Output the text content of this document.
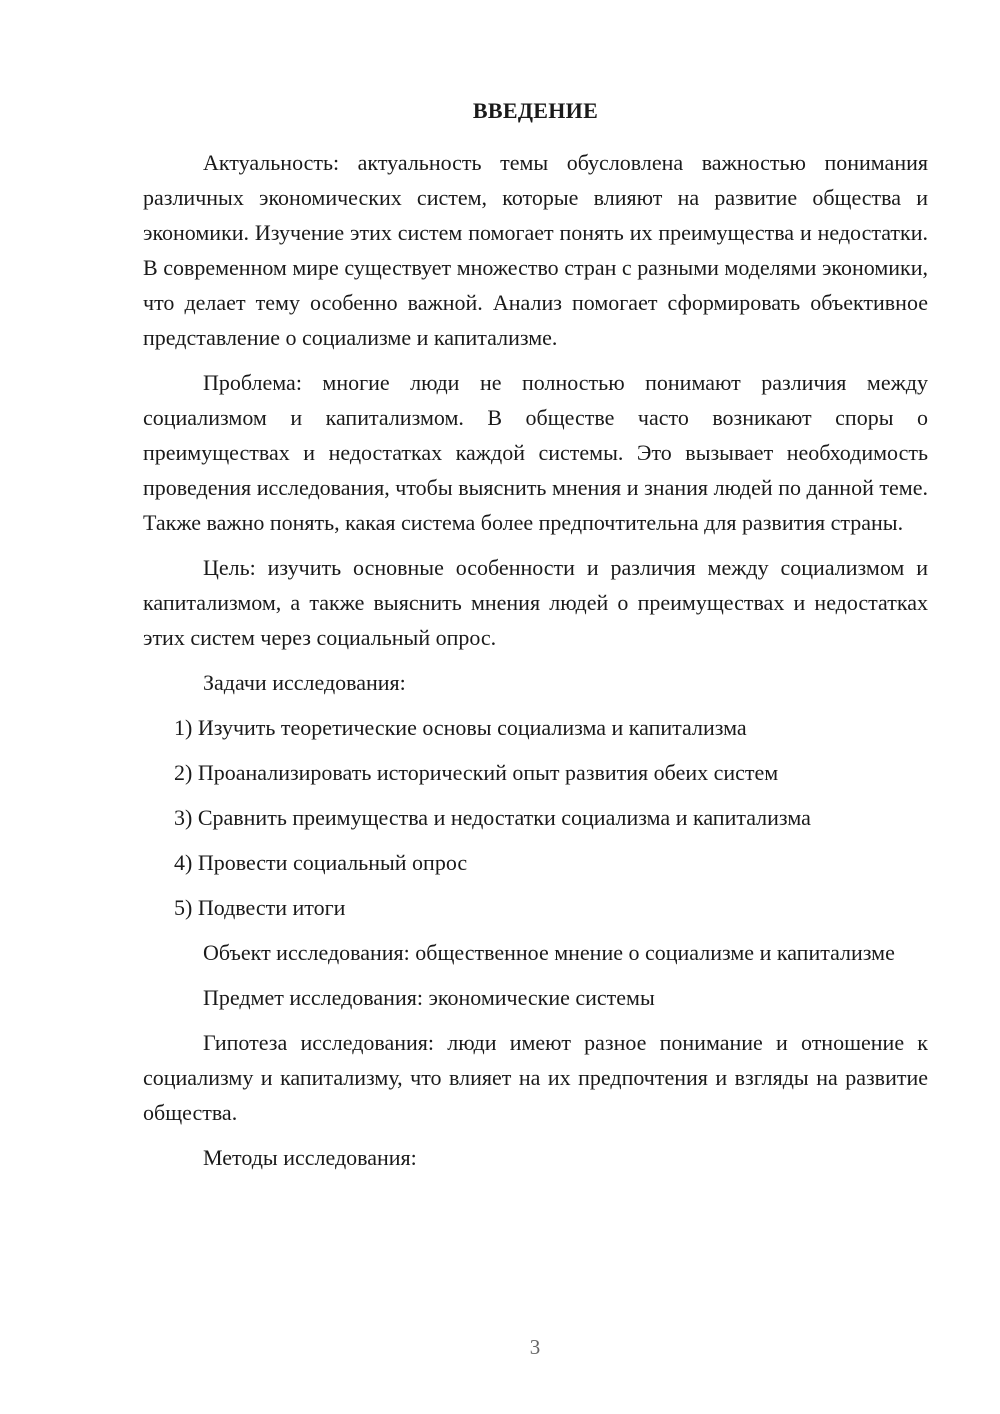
ВВЕДЕНИЕ

Актуальность: актуальность темы обусловлена важностью понимания различных экономических систем, которые влияют на развитие общества и экономики. Изучение этих систем помогает понять их преимущества и недостатки. В современном мире существует множество стран с разными моделями экономики, что делает тему особенно важной. Анализ помогает сформировать объективное представление о социализме и капитализме.

Проблема: многие люди не полностью понимают различия между социализмом и капитализмом. В обществе часто возникают споры о преимуществах и недостатках каждой системы. Это вызывает необходимость проведения исследования, чтобы выяснить мнения и знания людей по данной теме. Также важно понять, какая система более предпочтительна для развития страны.

Цель: изучить основные особенности и различия между социализмом и капитализмом, а также выяснить мнения людей о преимуществах и недостатках этих систем через социальный опрос.

Задачи исследования:

1) Изучить теоретические основы социализма и капитализма
2) Проанализировать исторический опыт развития обеих систем
3) Сравнить преимущества и недостатки социализма и капитализма
4) Провести социальный опрос
5) Подвести итоги

Объект исследования: общественное мнение о социализме и капитализме

Предмет исследования: экономические системы

Гипотеза исследования: люди имеют разное понимание и отношение к социализму и капитализму, что влияет на их предпочтения и взгляды на развитие общества.

Методы исследования:

3
